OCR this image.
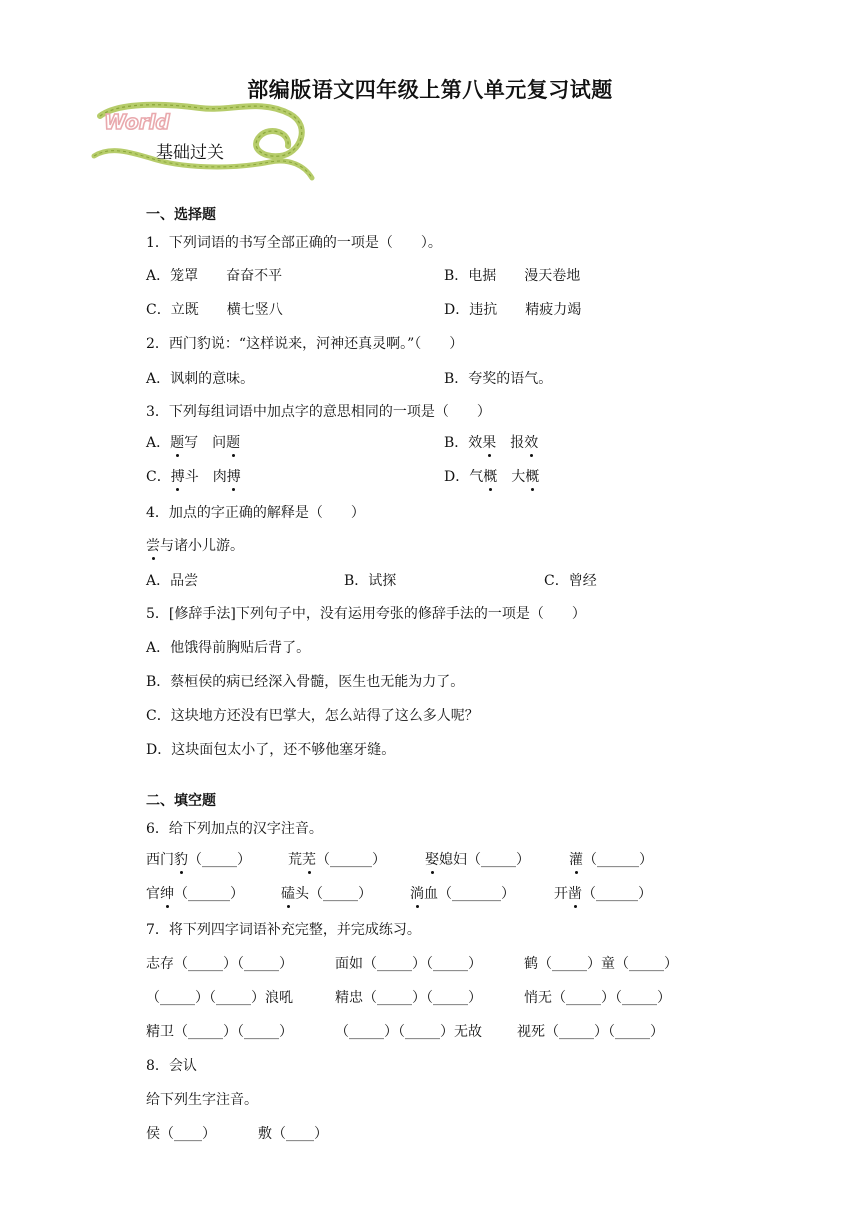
部编版语文四年级上第八单元复习试题
World
基础过关
一、选择题
1．下列词语的书写全部正确的一项是（　　）。
A．笼罩　　奋奋不平	B．电据　　漫天卷地
C．立既　　横七竖八	D．违抗　　精疲力竭
2．西门豹说：“这样说来，河神还真灵啊。”（　　）
A．讽刺的意味。	B．夸奖的语气。
3．下列每组词语中加点字的意思相同的一项是（　　）
A．题写　 问题	B．效果　 报效
C．搏斗　 肉搏	D．气概　 大概
4．加点的字正确的解释是（　　）
尝与诸小儿游。
A．品尝	B．试探	C．曾经
5．[修辞手法]下列句子中，没有运用夸张的修辞手法的一项是（　　）
A．他饿得前胸贴后背了。
B．蔡桓侯的病已经深入骨髓，医生也无能为力了。
C．这块地方还没有巴掌大，怎么站得了这么多人呢？
D．这块面包太小了，还不够他塞牙缝。
二、填空题
6．给下列加点的汉字注音。
西门豹（_____）	荒芜（______）	娶媳妇（_____）	灌（______）
官绅（______）	磕头（_____）	淌血（_______）	开凿（______）
7．将下列四字词语补充完整，并完成练习。
志存（_____）（_____）	面如（_____）（_____）	鹤（_____）童（_____）
（_____）（_____）浪吼	精忠（_____）（_____）	悄无（_____）（_____）
精卫（_____）（_____）	（_____）（_____）无故	视死（_____）（_____）
8．会认
给下列生字注音。
侯（____）	敷（____）
